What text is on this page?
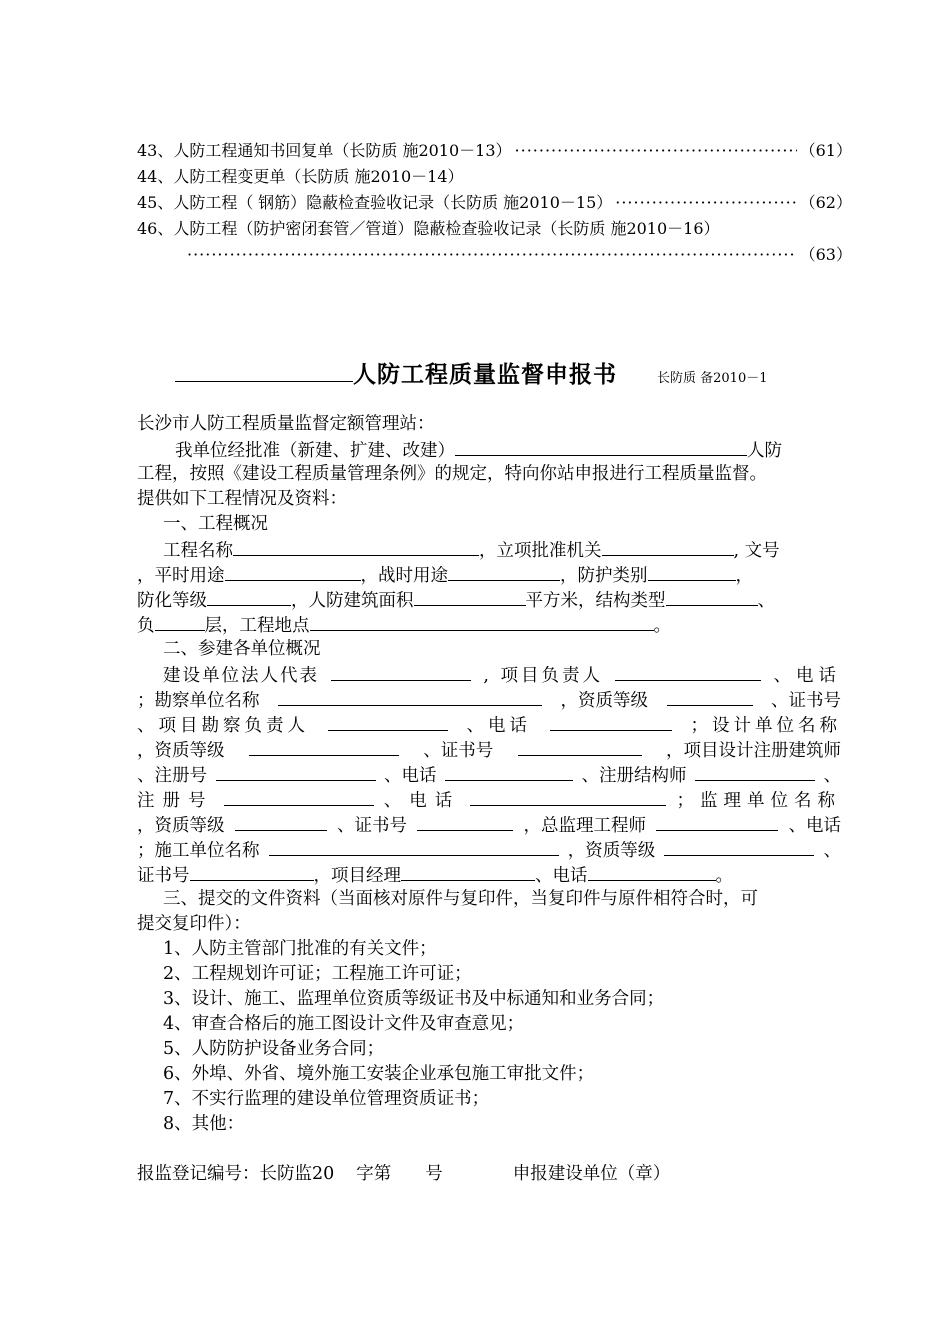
43、人防工程通知书回复单（长防质 施2010－13） ·····	（61）
44、人防工程变更单（长防质 施2010－14）
45、人防工程（ 钢筋）隐蔽检查验收记录（长防质 施2010－15） ·····	（62）
46、人防工程（防护密闭套管／管道）隐蔽检查验收记录（长防质 施2010－16）
·····
（63）
人防工程质量监督申报书	长防质 备2010－1
长沙市人防工程质量监督定额管理站：
我单位经批准（新建、扩建、改建）	人防
工程，按照《建设工程质量管理条例》的规定，特向你站申报进行工程质量监督。
提供如下工程情况及资料：
一、工程概况
工程名称	，立项批准机关	, 文号
，平时用途	，战时用途	，防护类别	，
防化等级	，人防建筑面积	平方米，结构类型	、
负	层，工程地点	。
二、参建各单位概况
建设单位法人代表	, 项目负责人	、电话
；勘察单位名称	，资质等级	、证书号
、项目勘察负责人	、电话	；设计单位名称
，资质等级	、证书号	，项目设计注册建筑师
、注册号	、电话	、注册结构师	、
注册号	、电话	；监理单位名称
，资质等级	、证书号	，总监理工程师	、电话
；施工单位名称	，资质等级	、
证书号	，项目经理	、电话	。
三、提交的文件资料（当面核对原件与复印件，当复印件与原件相符合时，可
提交复印件）：
1、人防主管部门批准的有关文件；
2、工程规划许可证；工程施工许可证；
3、设计、施工、监理单位资质等级证书及中标通知和业务合同；
4、审查合格后的施工图设计文件及审查意见；
5、人防防护设备业务合同；
6、外埠、外省、境外施工安装企业承包施工审批文件；
7、不实行监理的建设单位管理资质证书；
8、其他：
报监登记编号：长防监20 字第 号	申报建设单位（章）
